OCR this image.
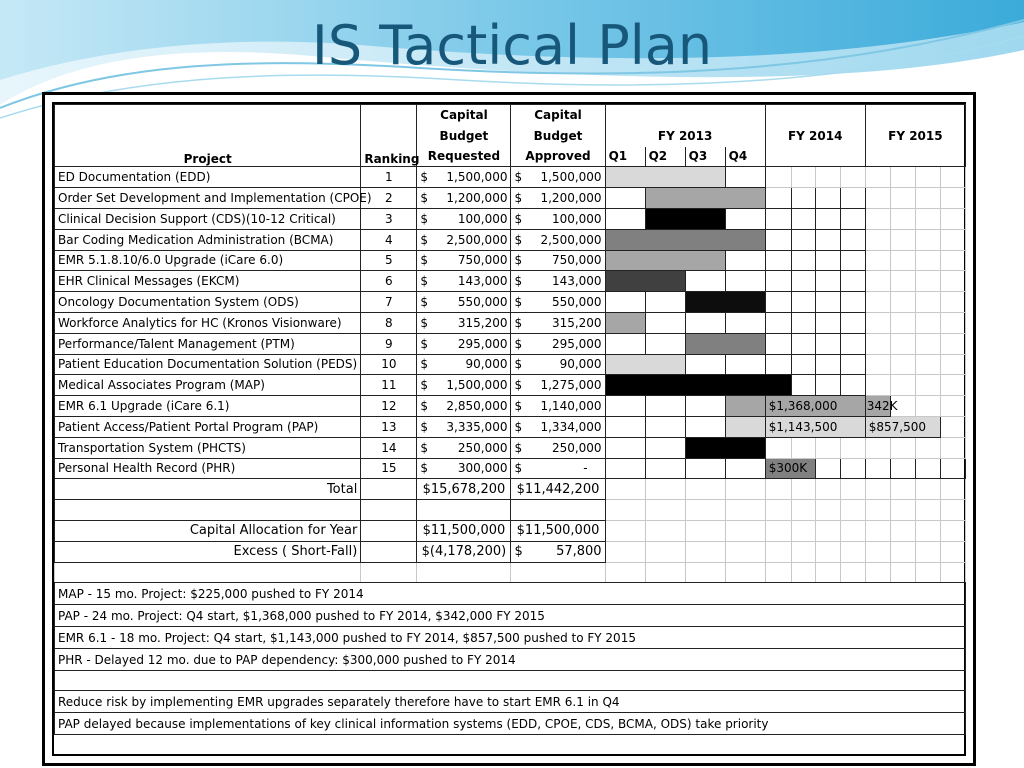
IS Tactical Plan
Project	Ranking	Capital	Capital												
		Budget	Budget	FY 2013				FY 2014				FY 2015			
		Requested	Approved	Q1	Q2	Q3	Q4								
ED Documentation (EDD)	1	$ 1,500,000	$ 1,500,000												

Order Set Development and Implementation (CPOE)	2	$ 1,200,000	$ 1,200,000												

Clinical Decision Support (CDS)(10-12 Critical)	3	$ 100,000	$ 100,000												

Bar Coding Medication Administration (BCMA)	4	$ 2,500,000	$ 2,500,000												

EMR 5.1.8.10/6.0 Upgrade (iCare 6.0)	5	$ 750,000	$ 750,000												

EHR Clinical Messages (EKCM)	6	$ 143,000	$ 143,000												

Oncology Documentation System (ODS)	7	$ 550,000	$ 550,000												

Workforce Analytics for HC (Kronos Visionware)	8	$ 315,200	$ 315,200												

Performance/Talent Management (PTM)	9	$ 295,000	$ 295,000												

Patient Education Documentation Solution (PEDS)	10	$ 90,000	$ 90,000												

Medical Associates Program (MAP)	11	$ 1,500,000	$ 1,275,000												

EMR 6.1 Upgrade (iCare 6.1)	12	$ 2,850,000	$ 1,140,000					$1,368,000				342K			
Patient Access/Patient Portal Program (PAP)	13	$ 3,335,000	$ 1,334,000					$1,143,500				$857,500			
Transportation System (PHCTS)	14	$ 250,000	$ 250,000												

Personal Health Record (PHR)	15	$ 300,000	$ -					$300K							
Total		$15,678,200	$11,442,200												

Capital Allocation for Year		$11,500,000	$11,500,000												
Excess ( Short-Fall)		$(4,178,200)	$ 57,800												

MAP - 15 mo. Project: $225,000 pushed to FY 2014
PAP - 24 mo. Project: Q4 start, $1,368,000 pushed to FY 2014, $342,000 FY 2015
EMR 6.1 - 18 mo. Project: Q4 start, $1,143,000 pushed to FY 2014, $857,500 pushed to FY 2015
PHR - Delayed 12 mo. due to PAP dependency: $300,000 pushed to FY 2014

Reduce risk by implementing EMR upgrades separately therefore have to start EMR 6.1 in Q4
PAP delayed because implementations of key clinical information systems (EDD, CPOE, CDS, BCMA, ODS) take priority
